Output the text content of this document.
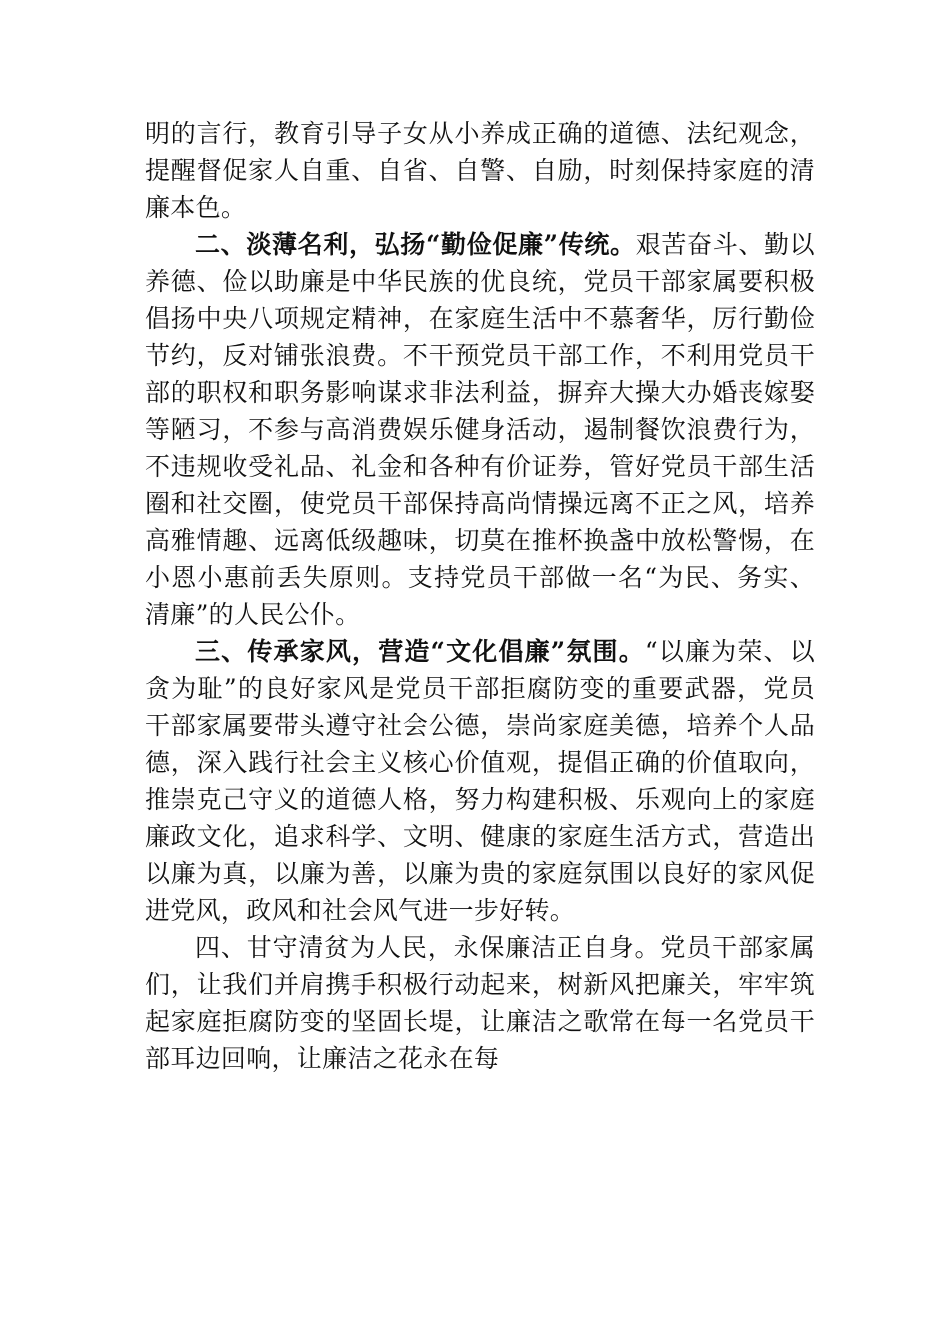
明的言行，教育引导子女从小养成正确的道德、法纪观念，提醒督促家人自重、自省、自警、自励，时刻保持家庭的清廉本色。

二、淡薄名利，弘扬“勤俭促廉”传统。艰苦奋斗、勤以养德、俭以助廉是中华民族的优良统，党员干部家属要积极倡扬中央八项规定精神，在家庭生活中不慕奢华，厉行勤俭节约，反对铺张浪费。不干预党员干部工作，不利用党员干部的职权和职务影响谋求非法利益，摒弃大操大办婚丧嫁娶等陋习，不参与高消费娱乐健身活动，遏制餐饮浪费行为，不违规收受礼品、礼金和各种有价证券，管好党员干部生活圈和社交圈，使党员干部保持高尚情操远离不正之风，培养高雅情趣、远离低级趣味，切莫在推杯换盏中放松警惕，在小恩小惠前丢失原则。支持党员干部做一名“为民、务实、清廉”的人民公仆。

三、传承家风，营造“文化倡廉”氛围。“以廉为荣、以贪为耻”的良好家风是党员干部拒腐防变的重要武器，党员干部家属要带头遵守社会公德，崇尚家庭美德，培养个人品德，深入践行社会主义核心价值观，提倡正确的价值取向，推崇克己守义的道德人格，努力构建积极、乐观向上的家庭廉政文化，追求科学、文明、健康的家庭生活方式，营造出以廉为真，以廉为善，以廉为贵的家庭氛围以良好的家风促进党风，政风和社会风气进一步好转。

四、甘守清贫为人民，永保廉洁正自身。党员干部家属们，让我们并肩携手积极行动起来，树新风把廉关，牢牢筑起家庭拒腐防变的坚固长堤，让廉洁之歌常在每一名党员干部耳边回响，让廉洁之花永在每
